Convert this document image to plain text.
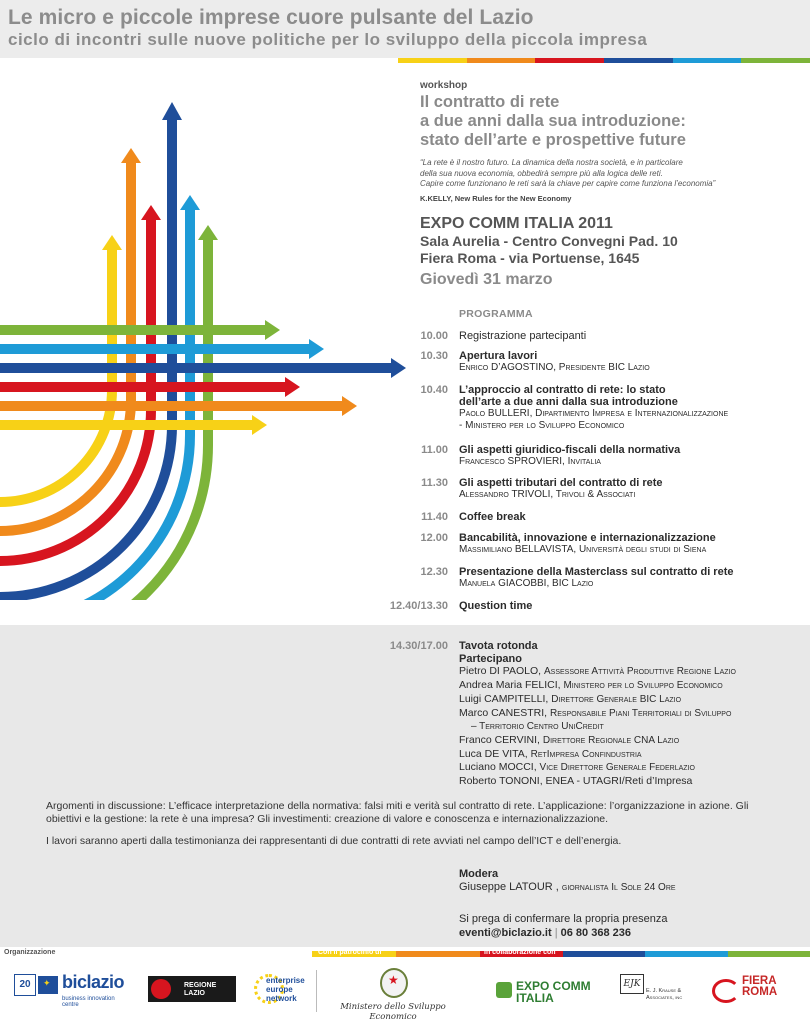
Le micro e piccole imprese cuore pulsante del Lazio
ciclo di incontri sulle nuove politiche per lo sviluppo della piccola impresa
workshop
Il contratto di rete
a due anni dalla sua introduzione:
stato dell’arte e prospettive future
“La rete è il nostro futuro. La dinamica della nostra società, e in particolare
della sua nuova economia, obbedirà sempre più alla logica delle reti.
Capire come funzionano le reti sarà la chiave per capire come funziona l’economia”
K.KELLY, New Rules for the New Economy
EXPO COMM ITALIA 2011
Sala Aurelia - Centro Convegni Pad. 10
Fiera Roma - via Portuense, 1645
Giovedì 31 marzo
PROGRAMMA
10.00 Registrazione partecipanti
10.30 Apertura lavori
Enrico D’AGOSTINO, Presidente BIC Lazio
10.40 L’approccio al contratto di rete: lo stato
dell’arte a due anni dalla sua introduzione
Paolo BULLERI, Dipartimento Impresa e Internazionalizzazione
- Ministero per lo Sviluppo Economico
11.00 Gli aspetti giuridico-fiscali della normativa
Francesco SPROVIERI, Invitalia
11.30 Gli aspetti tributari del contratto di rete
Alessandro TRIVOLI, Trivoli & Associati
11.40 Coffee break
12.00 Bancabilità, innovazione e internazionalizzazione
Massimiliano BELLAVISTA, Università degli studi di Siena
12.30 Presentazione della Masterclass sul contratto di rete
Manuela GIACOBBI, BIC Lazio
12.40/13.30 Question time
14.30/17.00 Tavota rotonda
Partecipano
Pietro DI PAOLO, Assessore Attività Produttive Regione Lazio
Andrea Maria FELICI, Ministero per lo Sviluppo Economico
Luigi CAMPITELLI, Direttore Generale BIC Lazio
Marco CANESTRI, Responsabile Piani Territoriali di Sviluppo
– Territorio Centro UniCredit
Franco CERVINI, Direttore Regionale CNA Lazio
Luca DE VITA, RetImpresa Confindustria
Luciano MOCCI, Vice Direttore Generale Federlazio
Roberto TONONI, ENEA - UTAGRI/Reti d’Impresa

Argomenti in discussione: L’efficace interpretazione della normativa: falsi miti e verità sul contratto di rete. L’applicazione: l’organizzazione in azione. Gli obiettivi e la gestione: la rete è una impresa? Gli investimenti: creazione di valore e conoscenza e internazionalizzazione.

I lavori saranno aperti dalla testimonianza dei rappresentanti di due contratti di rete avviati nel campo dell’ICT e dell’energia.

Modera
Giuseppe LATOUR , giornalista Il Sole 24 Ore
Si prega di confermare la propria presenza
eventi@biclazio.it | 06 80 368 236
Organizzazione	Con il patrocinio di	In collaborazione con
20	✦ biclazio
business innovation centre
REGIONE LAZIO
enterprise
europe
network
★
Ministero dello Sviluppo Economico
EXPO COMM
ITALIA
EJK
E. J. Krause &
Associates, inc
FIERA
ROMA
